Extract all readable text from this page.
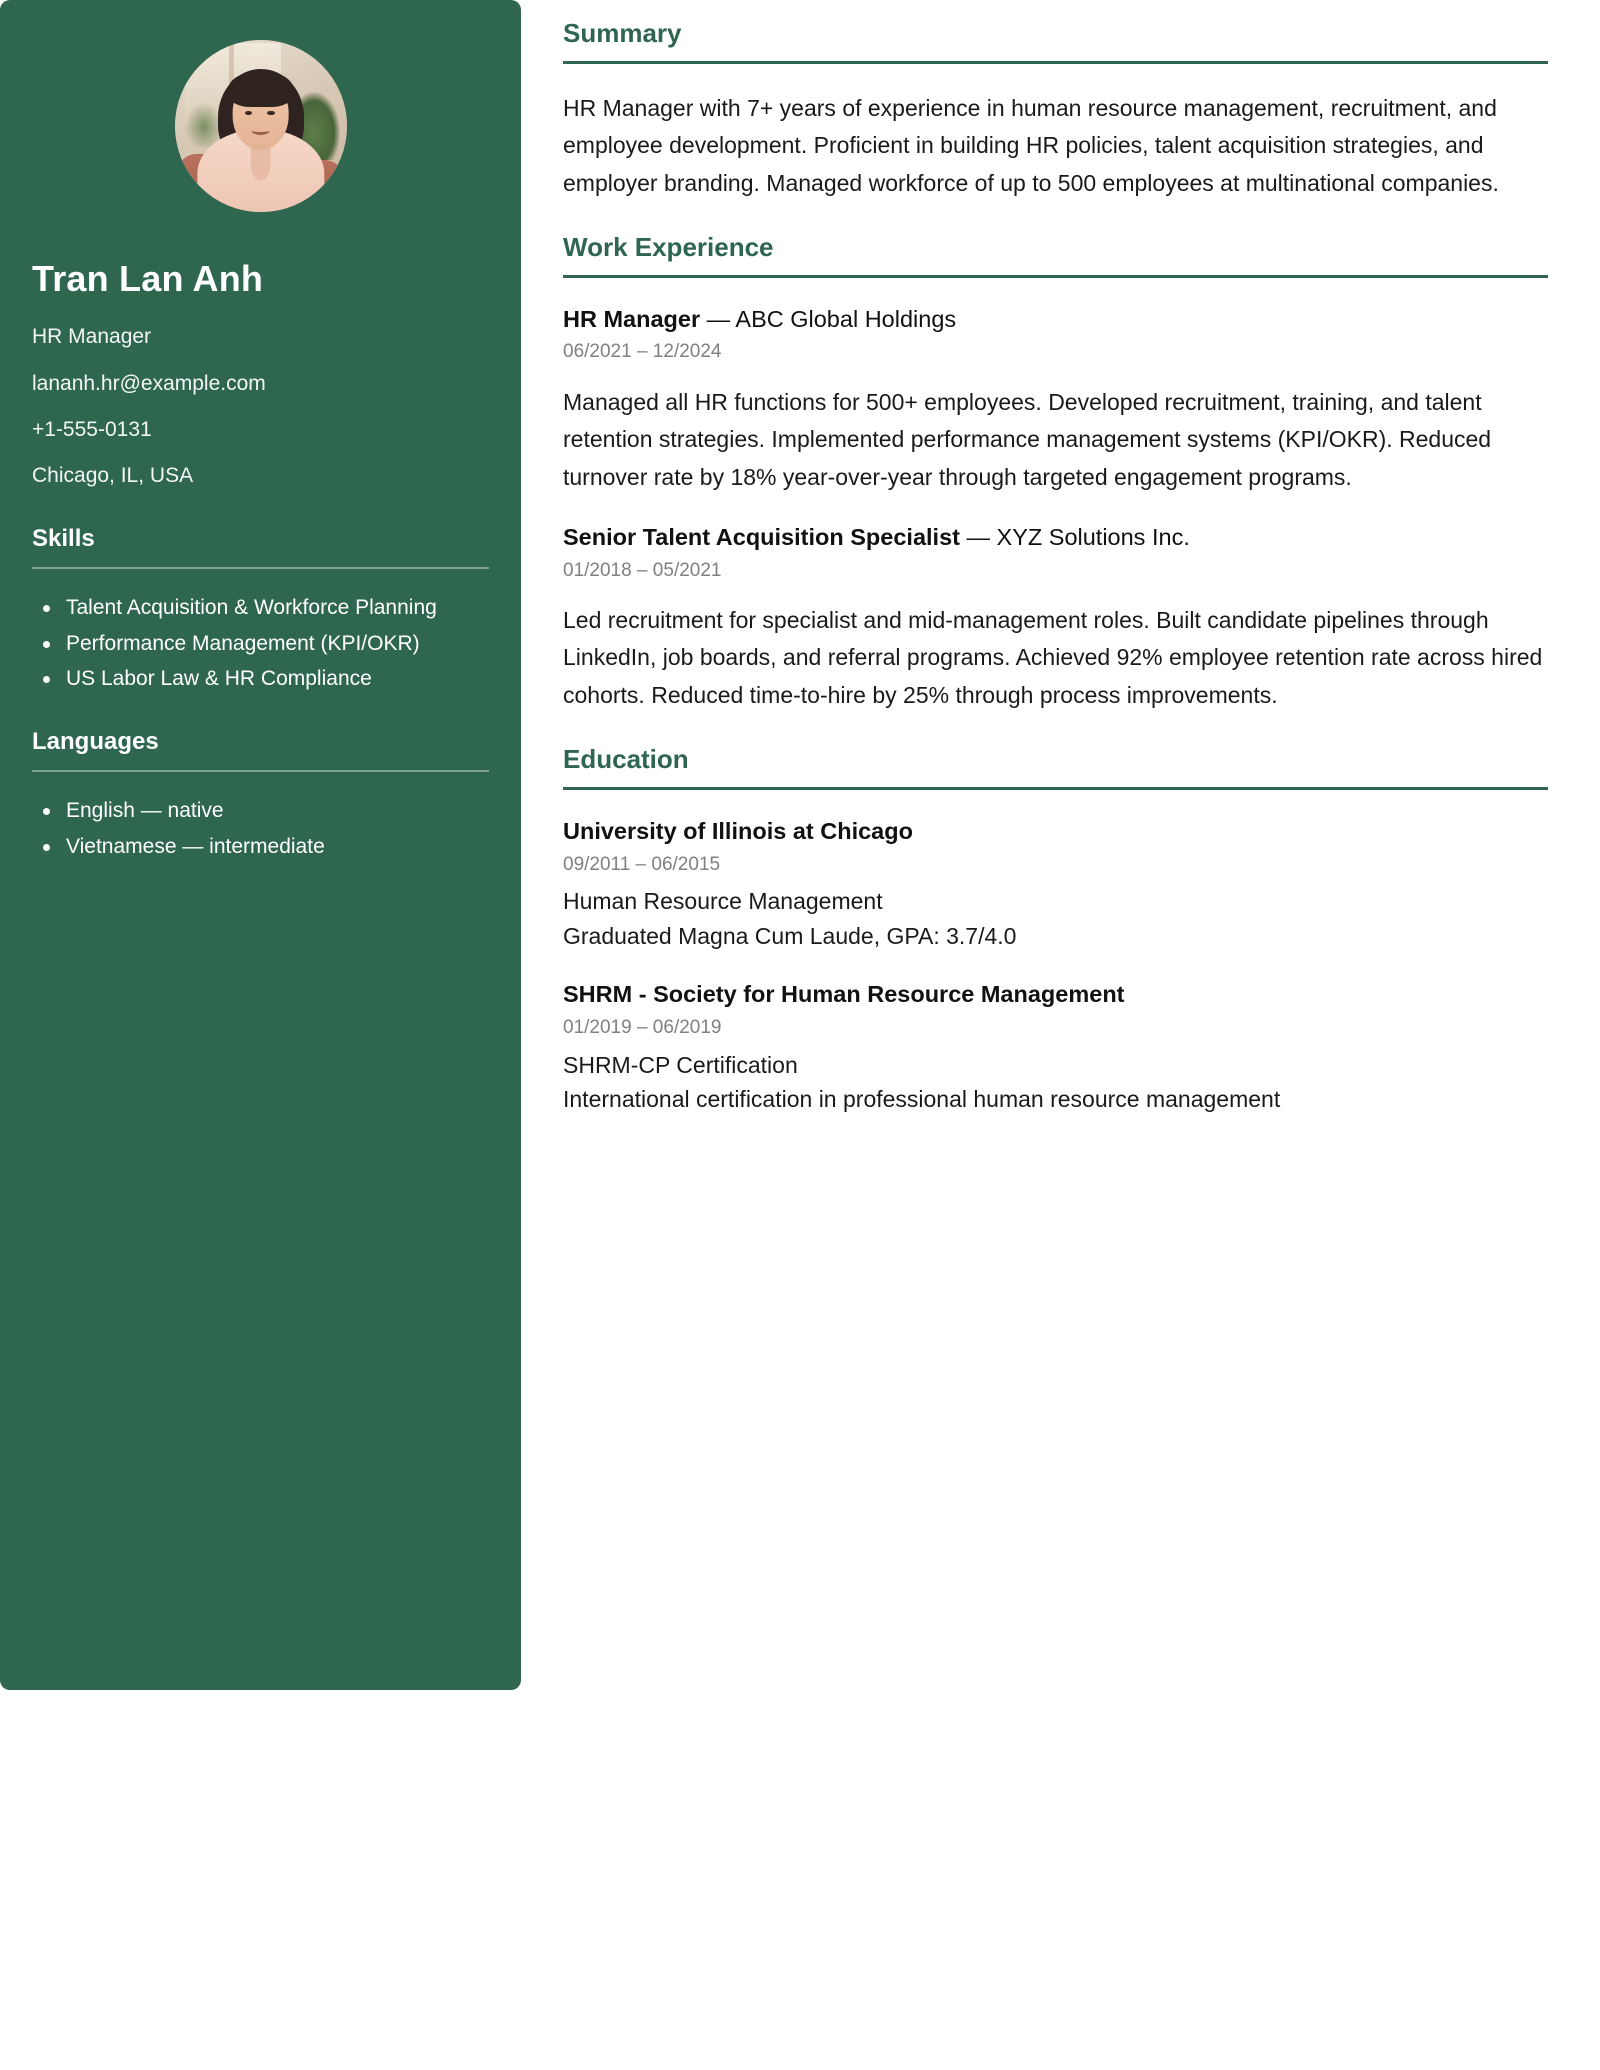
Tran Lan Anh
HR Manager
lananh.hr@example.com
+1-555-0131
Chicago, IL, USA
Skills
Talent Acquisition & Workforce Planning
Performance Management (KPI/OKR)
US Labor Law & HR Compliance
Languages
English — native
Vietnamese — intermediate
Summary

HR Manager with 7+ years of experience in human resource management, recruitment, and employee development. Proficient in building HR policies, talent acquisition strategies, and employer branding. Managed workforce of up to 500 employees at multinational companies.

Work Experience
HR Manager — ABC Global Holdings
06/2021 – 12/2024

Managed all HR functions for 500+ employees. Developed recruitment, training, and talent retention strategies. Implemented performance management systems (KPI/OKR). Reduced turnover rate by 18% year-over-year through targeted engagement programs.

Senior Talent Acquisition Specialist — XYZ Solutions Inc.
01/2018 – 05/2021

Led recruitment for specialist and mid-management roles. Built candidate pipelines through LinkedIn, job boards, and referral programs. Achieved 92% employee retention rate across hired cohorts. Reduced time-to-hire by 25% through process improvements.

Education
University of Illinois at Chicago
09/2011 – 06/2015
Human Resource Management
Graduated Magna Cum Laude, GPA: 3.7/4.0
SHRM - Society for Human Resource Management
01/2019 – 06/2019
SHRM-CP Certification
International certification in professional human resource management
